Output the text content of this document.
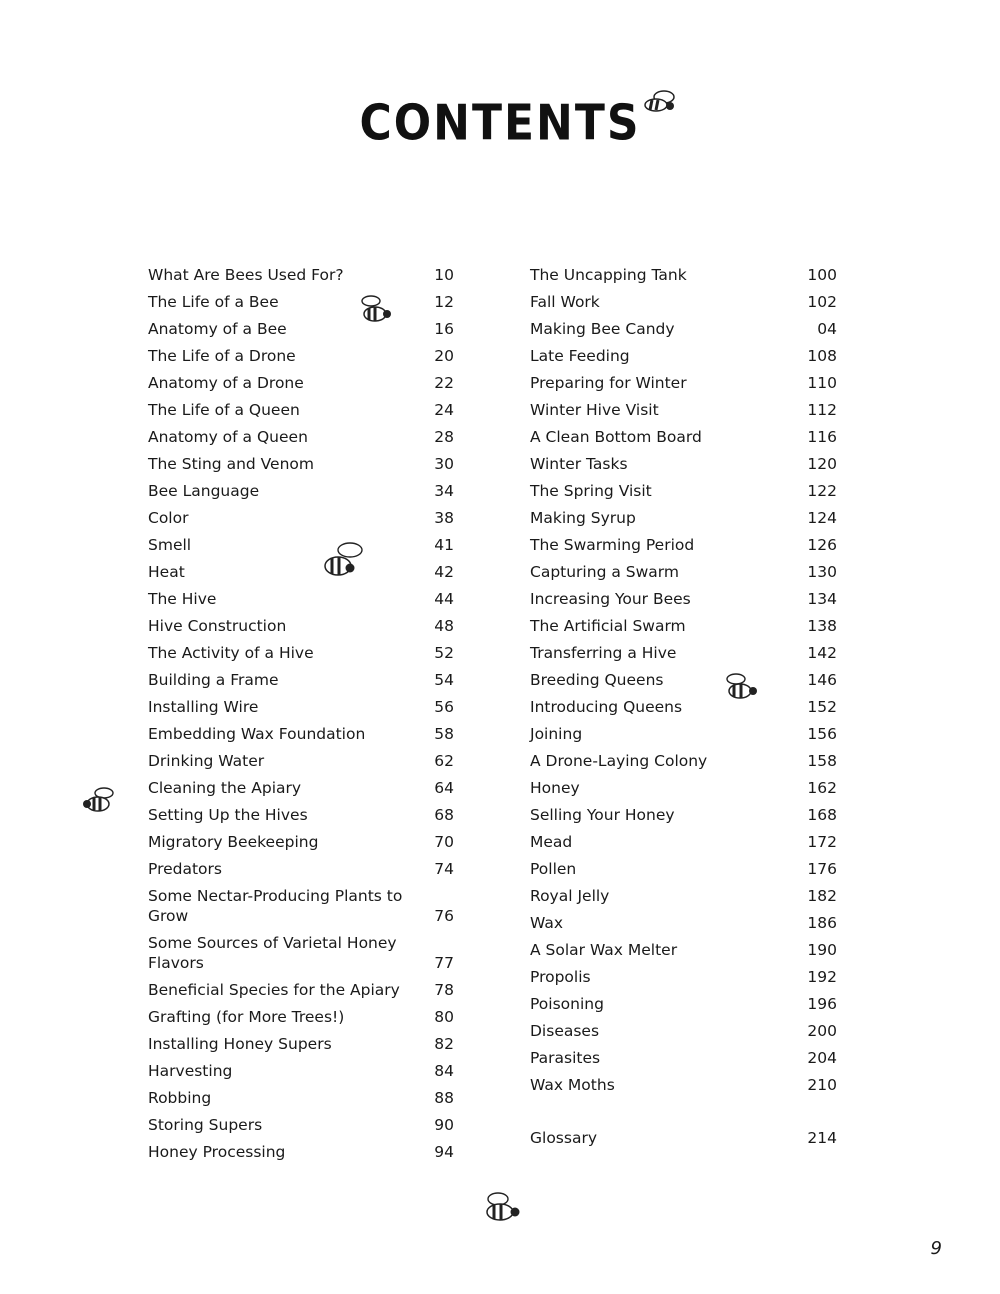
CONTENTS
What Are Bees Used For?	10
The Life of a Bee	12
Anatomy of a Bee	16
The Life of a Drone	20
Anatomy of a Drone	22
The Life of a Queen	24
Anatomy of a Queen	28
The Sting and Venom	30
Bee Language	34
Color	38
Smell	41
Heat	42
The Hive	44
Hive Construction	48
The Activity of a Hive	52
Building a Frame	54
Installing Wire	56
Embedding Wax Foundation	58
Drinking Water	62
Cleaning the Apiary	64
Setting Up the Hives	68
Migratory Beekeeping	70
Predators	74
Some Nectar-Producing Plants to Grow	76
Some Sources of Varietal Honey Flavors	77
Beneficial Species for the Apiary	78
Grafting (for More Trees!)	80
Installing Honey Supers	82
Harvesting	84
Robbing	88
Storing Supers	90
Honey Processing	94
The Uncapping Tank	100
Fall Work	102
Making Bee Candy	04
Late Feeding	108
Preparing for Winter	110
Winter Hive Visit	112
A Clean Bottom Board	116
Winter Tasks	120
The Spring Visit	122
Making Syrup	124
The Swarming Period	126
Capturing a Swarm	130
Increasing Your Bees	134
The Artificial Swarm	138
Transferring a Hive	142
Breeding Queens	146
Introducing Queens	152
Joining	156
A Drone-Laying Colony	158
Honey	162
Selling Your Honey	168
Mead	172
Pollen	176
Royal Jelly	182
Wax	186
A Solar Wax Melter	190
Propolis	192
Poisoning	196
Diseases	200
Parasites	204
Wax Moths	210
Glossary	214
9
